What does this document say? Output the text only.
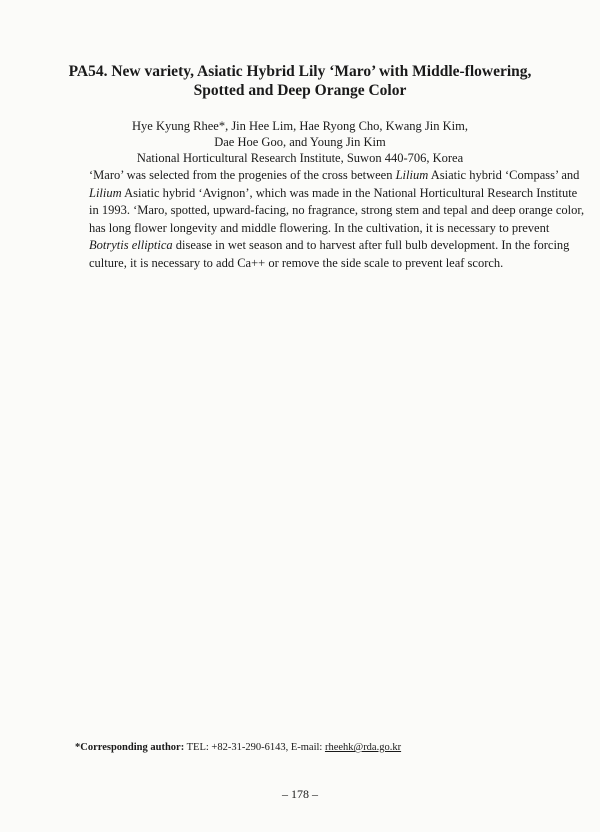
PA54. New variety, Asiatic Hybrid Lily ‘Maro’ with Middle-flowering,
Spotted and Deep Orange Color
Hye Kyung Rhee*, Jin Hee Lim, Hae Ryong Cho, Kwang Jin Kim,
Dae Hoe Goo, and Young Jin Kim
National Horticultural Research Institute, Suwon 440-706, Korea
‘Maro’ was selected from the progenies of the cross between Lilium Asiatic hybrid ‘Compass’ and
Lilium Asiatic hybrid ‘Avignon’, which was made in the National Horticultural Research Institute
in 1993. ‘Maro, spotted, upward-facing, no fragrance, strong stem and tepal and deep orange color,
has long flower longevity and middle flowering. In the cultivation, it is necessary to prevent
Botrytis elliptica disease in wet season and to harvest after full bulb development. In the forcing
culture, it is necessary to add Ca++ or remove the side scale to prevent leaf scorch.
*Corresponding author: TEL: +82-31-290-6143, E-mail: rheehk@rda.go.kr
– 178 –
